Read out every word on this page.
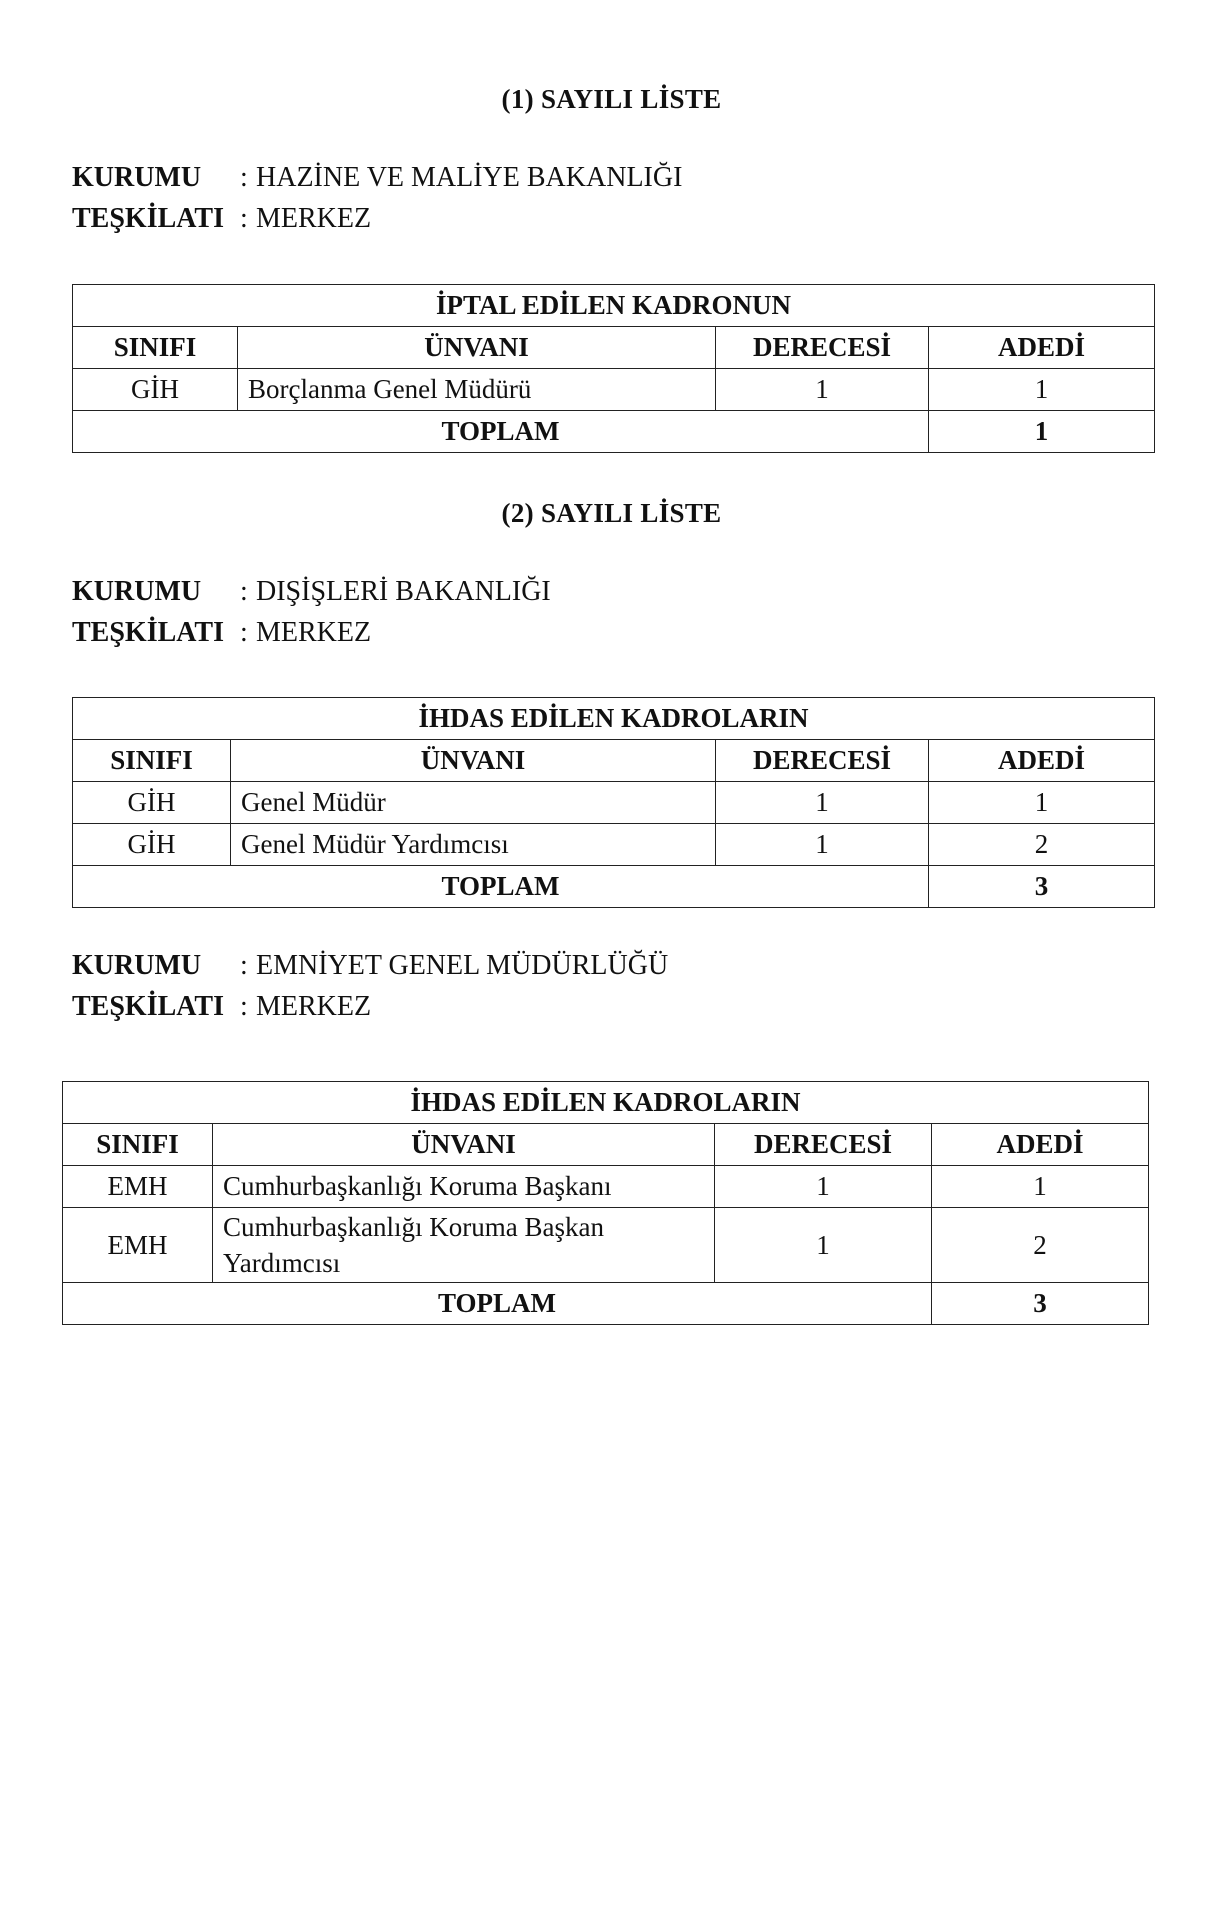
(1) SAYILI LİSTE
KURUMU : HAZİNE VE MALİYE BAKANLIĞI
TEŞKİLATI : MERKEZ
İPTAL EDİLEN KADRONUN			
SINIFI	ÜNVANI	DERECESİ	ADEDİ
GİH	Borçlanma Genel Müdürü	1	1
TOPLAM			1
(2) SAYILI LİSTE
KURUMU : DIŞİŞLERİ BAKANLIĞI
TEŞKİLATI : MERKEZ
İHDAS EDİLEN KADROLARIN			
SINIFI	ÜNVANI	DERECESİ	ADEDİ
GİH	Genel Müdür	1	1
GİH	Genel Müdür Yardımcısı	1	2
TOPLAM			3
KURUMU : EMNİYET GENEL MÜDÜRLÜĞÜ
TEŞKİLATI : MERKEZ
İHDAS EDİLEN KADROLARIN			
SINIFI	ÜNVANI	DERECESİ	ADEDİ
EMH	Cumhurbaşkanlığı Koruma Başkanı	1	1
EMH	Cumhurbaşkanlığı Koruma Başkan Yardımcısı	1	2
TOPLAM			3
